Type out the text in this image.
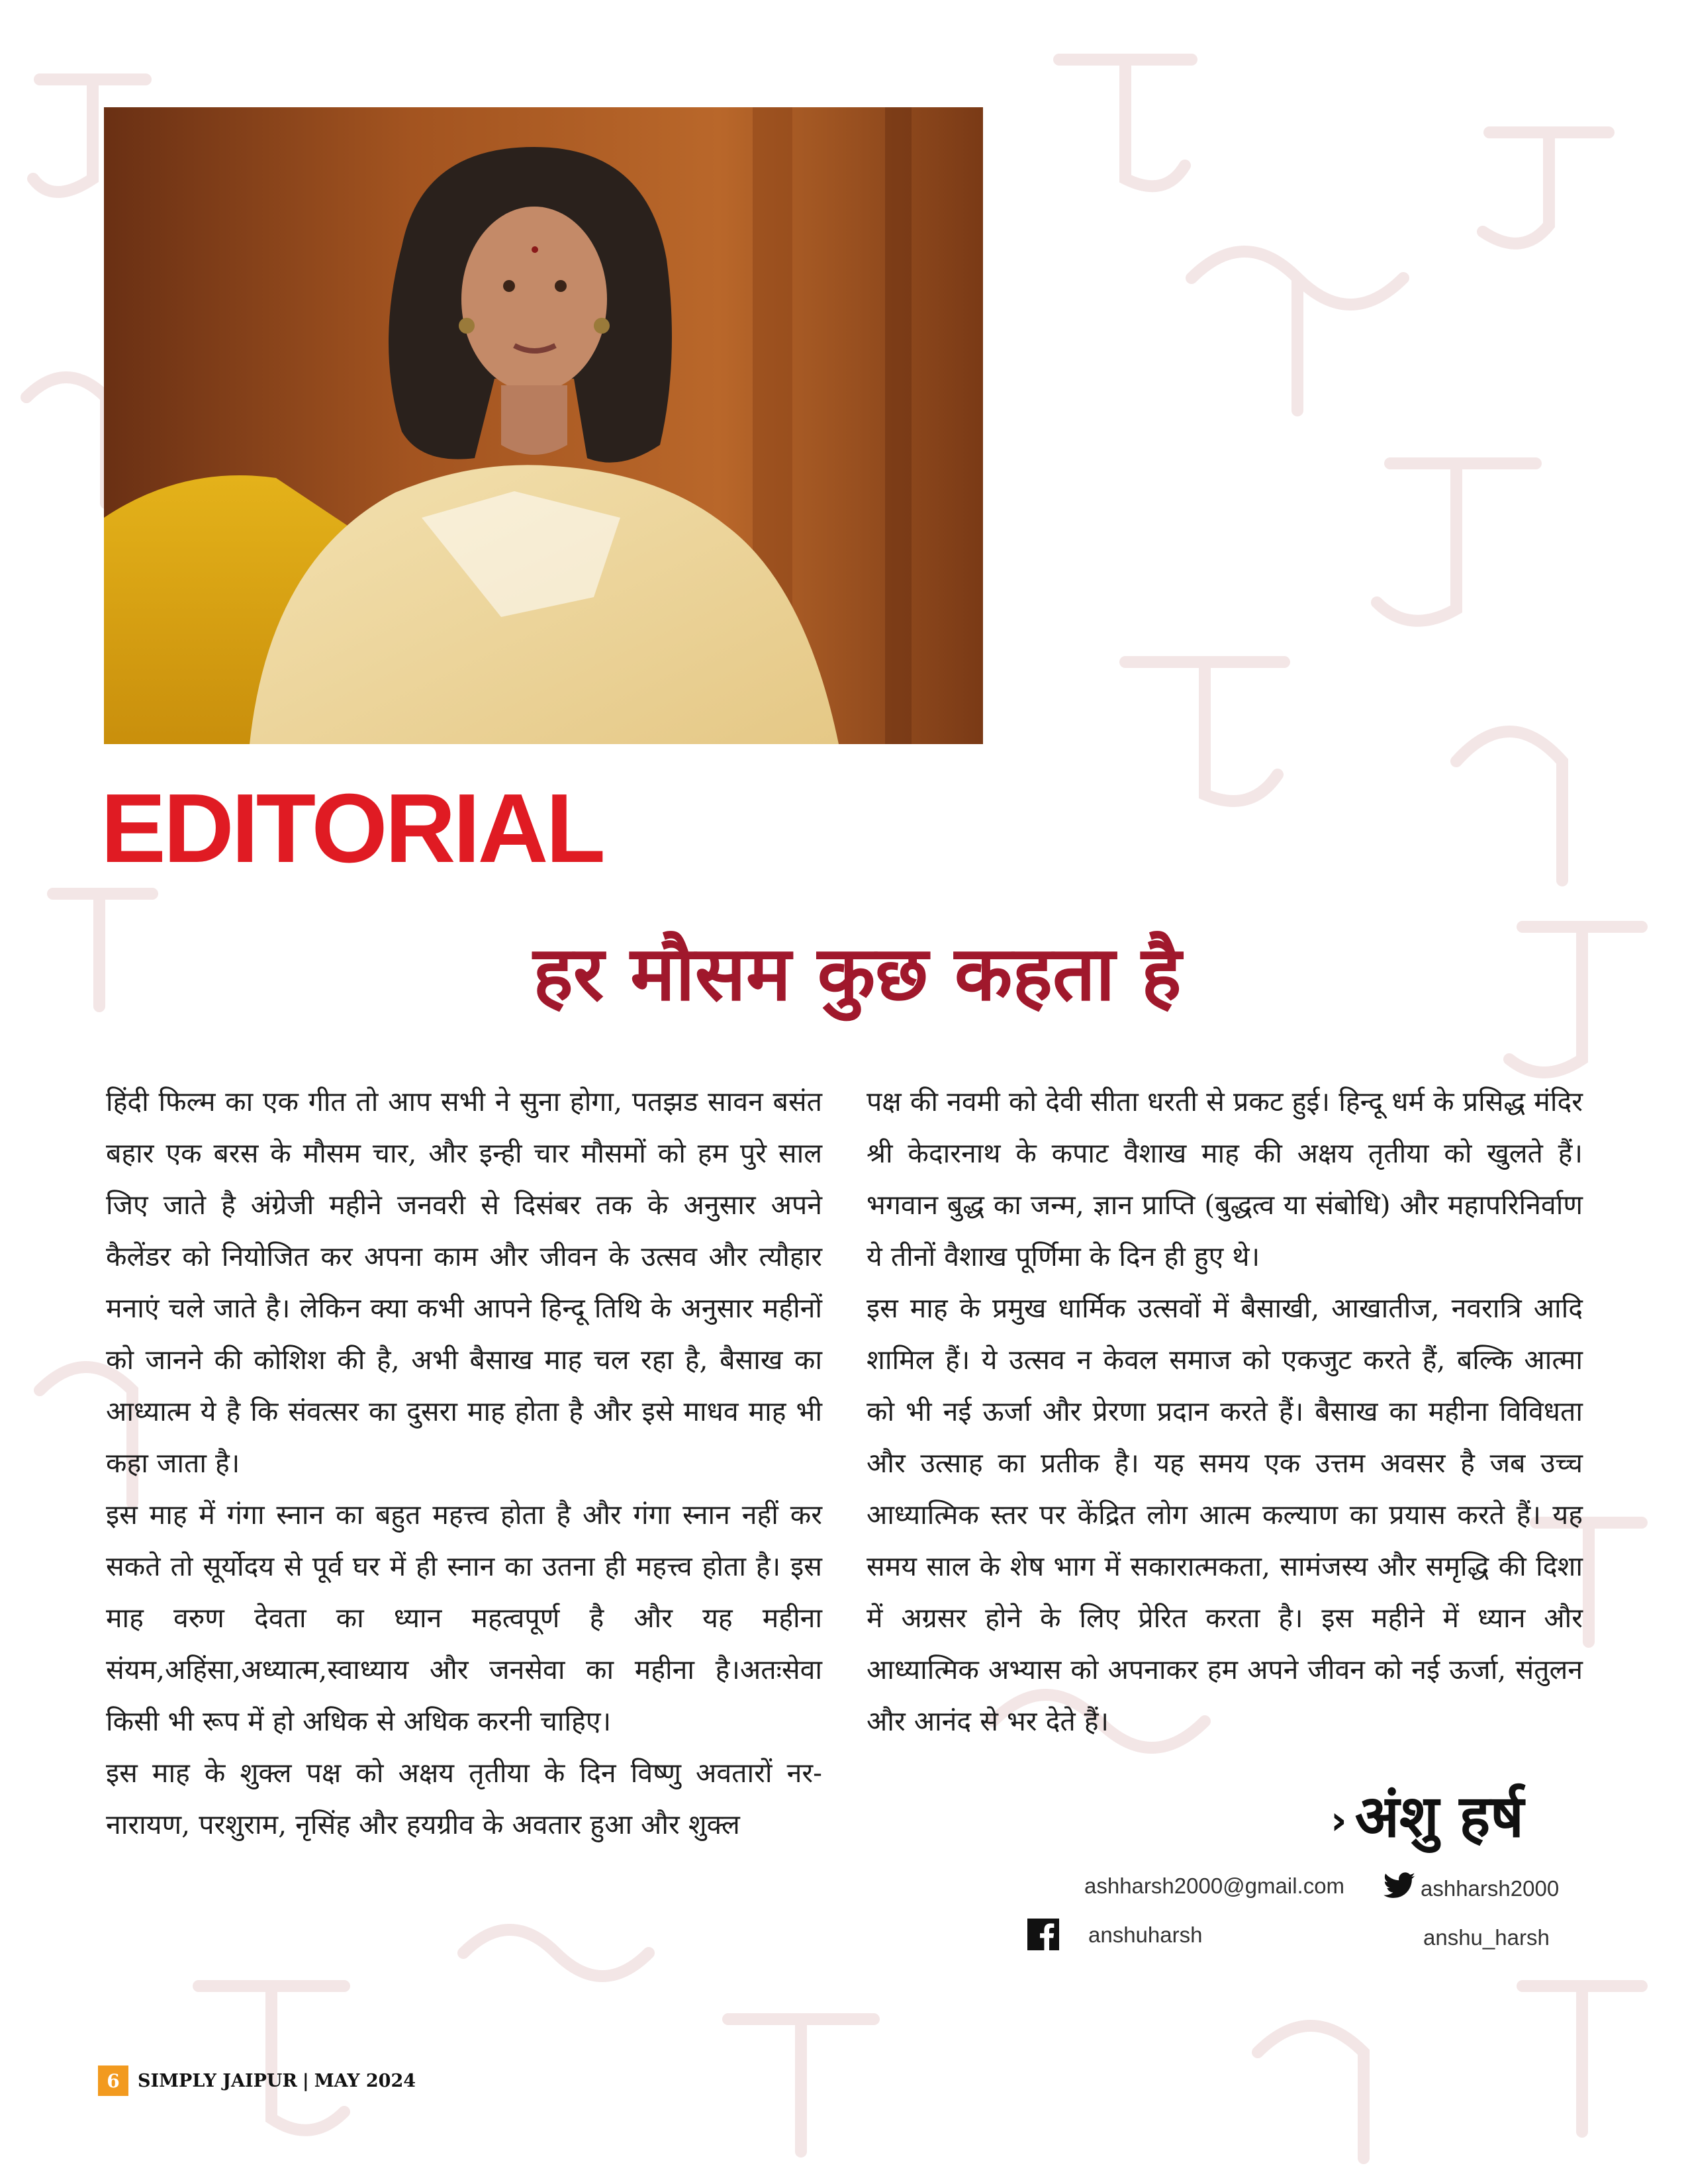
EDITORIAL
हर मौसम कुछ कहता है

हिंदी फिल्म का एक गीत तो आप सभी ने सुना होगा, पतझड सावन बसंत बहार एक बरस के मौसम चार, और इन्ही चार मौसमों को हम पुरे साल जिए जाते है अंग्रेजी महीने जनवरी से दिसंबर तक के अनुसार अपने कैलेंडर को नियोजित कर अपना काम और जीवन के उत्सव और त्यौहार मनाएं चले जाते है। लेकिन क्या कभी आपने हिन्दू तिथि के अनुसार महीनों को जानने की कोशिश की है, अभी बैसाख माह चल रहा है, बैसाख का आध्यात्म ये है कि संवत्सर का दुसरा माह होता है और इसे माधव माह भी कहा जाता है।

इस माह में गंगा स्नान का बहुत महत्त्व होता है और गंगा स्नान नहीं कर सकते तो सूर्योदय से पूर्व घर में ही स्नान का उतना ही महत्त्व होता है। इस माह वरुण देवता का ध्यान महत्वपूर्ण है और यह महीना संयम,अहिंसा,अध्यात्म,स्वाध्याय और जनसेवा का महीना है।अतःसेवा किसी भी रूप में हो अधिक से अधिक करनी चाहिए।

इस माह के शुक्ल पक्ष को अक्षय तृतीया के दिन विष्णु अवतारों नर-नारायण, परशुराम, नृसिंह और हयग्रीव के अवतार हुआ और शुक्ल

पक्ष की नवमी को देवी सीता धरती से प्रकट हुई। हिन्दू धर्म के प्रसिद्ध मंदिर श्री केदारनाथ के कपाट वैशाख माह की अक्षय तृतीया को खुलते हैं। भगवान बुद्ध का जन्म, ज्ञान प्राप्ति (बुद्धत्व या संबोधि) और महापरिनिर्वाण ये तीनों वैशाख पूर्णिमा के दिन ही हुए थे।

इस माह के प्रमुख धार्मिक उत्सवों में बैसाखी, आखातीज, नवरात्रि आदि शामिल हैं। ये उत्सव न केवल समाज को एकजुट करते हैं, बल्कि आत्मा को भी नई ऊर्जा और प्रेरणा प्रदान करते हैं। बैसाख का महीना विविधता और उत्साह का प्रतीक है। यह समय एक उत्तम अवसर है जब उच्च आध्यात्मिक स्तर पर केंद्रित लोग आत्म कल्याण का प्रयास करते हैं। यह समय साल के शेष भाग में सकारात्मकता, सामंजस्य और समृद्धि की दिशा में अग्रसर होने के लिए प्रेरित करता है। इस महीने में ध्यान और आध्यात्मिक अभ्यास को अपनाकर हम अपने जीवन को नई ऊर्जा, संतुलन और आनंद से भर देते हैं।

› अंशु हर्ष
ashharsh2000@gmail.com	ashharsh2000
anshuharsh	anshu_harsh
6	SIMPLY JAIPUR | MAY 2024
